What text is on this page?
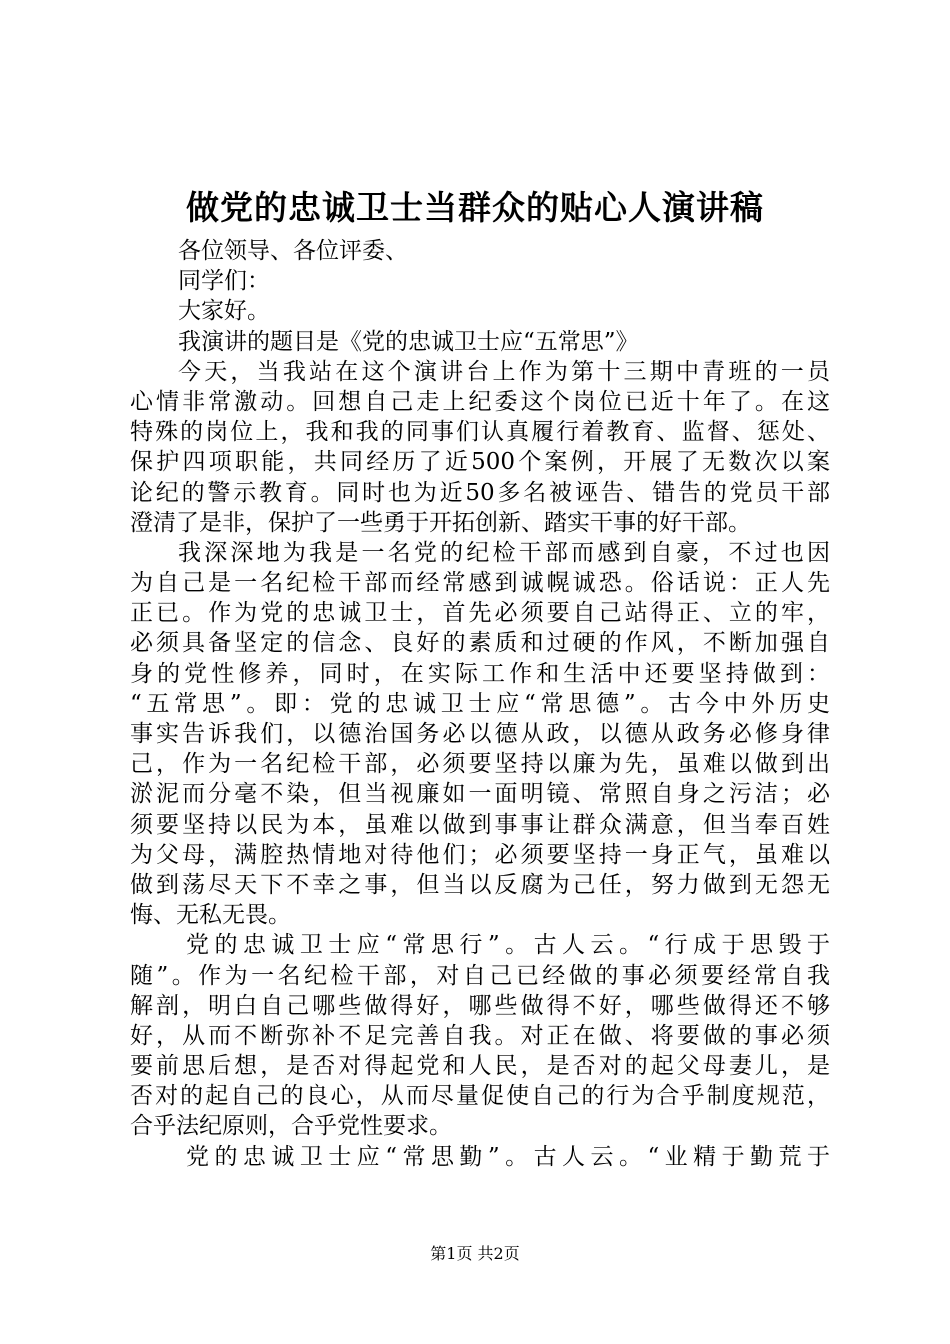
做党的忠诚卫士当群众的贴心人演讲稿
各位领导、各位评委、
同学们：
大家好。
我演讲的题目是《党的忠诚卫士应“五常思”》
今天，当我站在这个演讲台上作为第十三期中青班的一员
心情非常激动。回想自己走上纪委这个岗位已近十年了。在这
特殊的岗位上，我和我的同事们认真履行着教育、监督、惩处、
保护四项职能，共同经历了近500个案例，开展了无数次以案
论纪的警示教育。同时也为近50多名被诬告、错告的党员干部
澄清了是非，保护了一些勇于开拓创新、踏实干事的好干部。
我深深地为我是一名党的纪检干部而感到自豪，不过也因
为自己是一名纪检干部而经常感到诚幌诚恐。俗话说：正人先
正已。作为党的忠诚卫士，首先必须要自己站得正、立的牢，
必须具备坚定的信念、良好的素质和过硬的作风，不断加强自
身的党性修养，同时，在实际工作和生活中还要坚持做到：
“五常思”。即：党的忠诚卫士应“常思德”。古今中外历史
事实告诉我们，以德治国务必以德从政，以德从政务必修身律
己，作为一名纪检干部，必须要坚持以廉为先，虽难以做到出
淤泥而分毫不染，但当视廉如一面明镜、常照自身之污洁；必
须要坚持以民为本，虽难以做到事事让群众满意，但当奉百姓
为父母，满腔热情地对待他们；必须要坚持一身正气，虽难以
做到荡尽天下不幸之事，但当以反腐为己任，努力做到无怨无
悔、无私无畏。
党的忠诚卫士应“常思行”。古人云。“行成于思毁于
随”。作为一名纪检干部，对自己已经做的事必须要经常自我
解剖，明白自己哪些做得好，哪些做得不好，哪些做得还不够
好，从而不断弥补不足完善自我。对正在做、将要做的事必须
要前思后想，是否对得起党和人民，是否对的起父母妻儿，是
否对的起自己的良心，从而尽量促使自己的行为合乎制度规范，
合乎法纪原则，合乎党性要求。
党的忠诚卫士应“常思勤”。古人云。“业精于勤荒于
第1页 共2页
